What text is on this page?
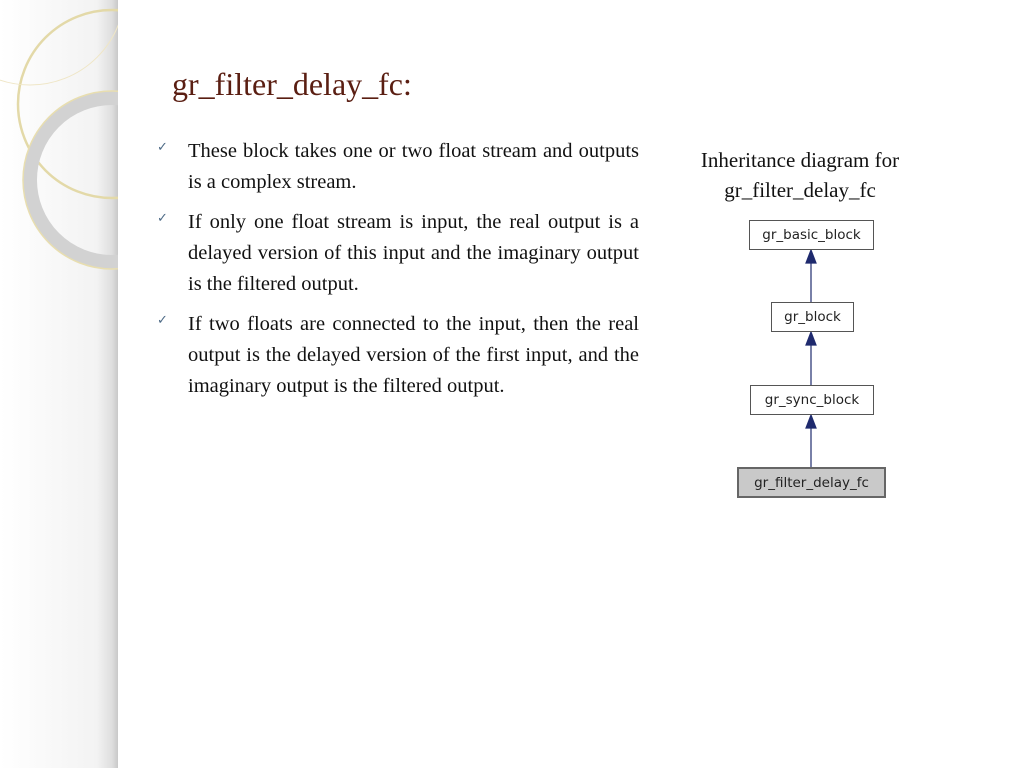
gr_filter_delay_fc:
✓ These block takes one or two float stream and outputs is a complex stream.
✓ If only one float stream is input, the real output is a delayed version of this input and the imaginary output is the filtered output.
✓ If two floats are connected to the input, then the real output is the delayed version of the first input, and the imaginary output is the filtered output.
Inheritance diagram for
gr_filter_delay_fc
gr_basic_block
gr_block
gr_sync_block
gr_filter_delay_fc
